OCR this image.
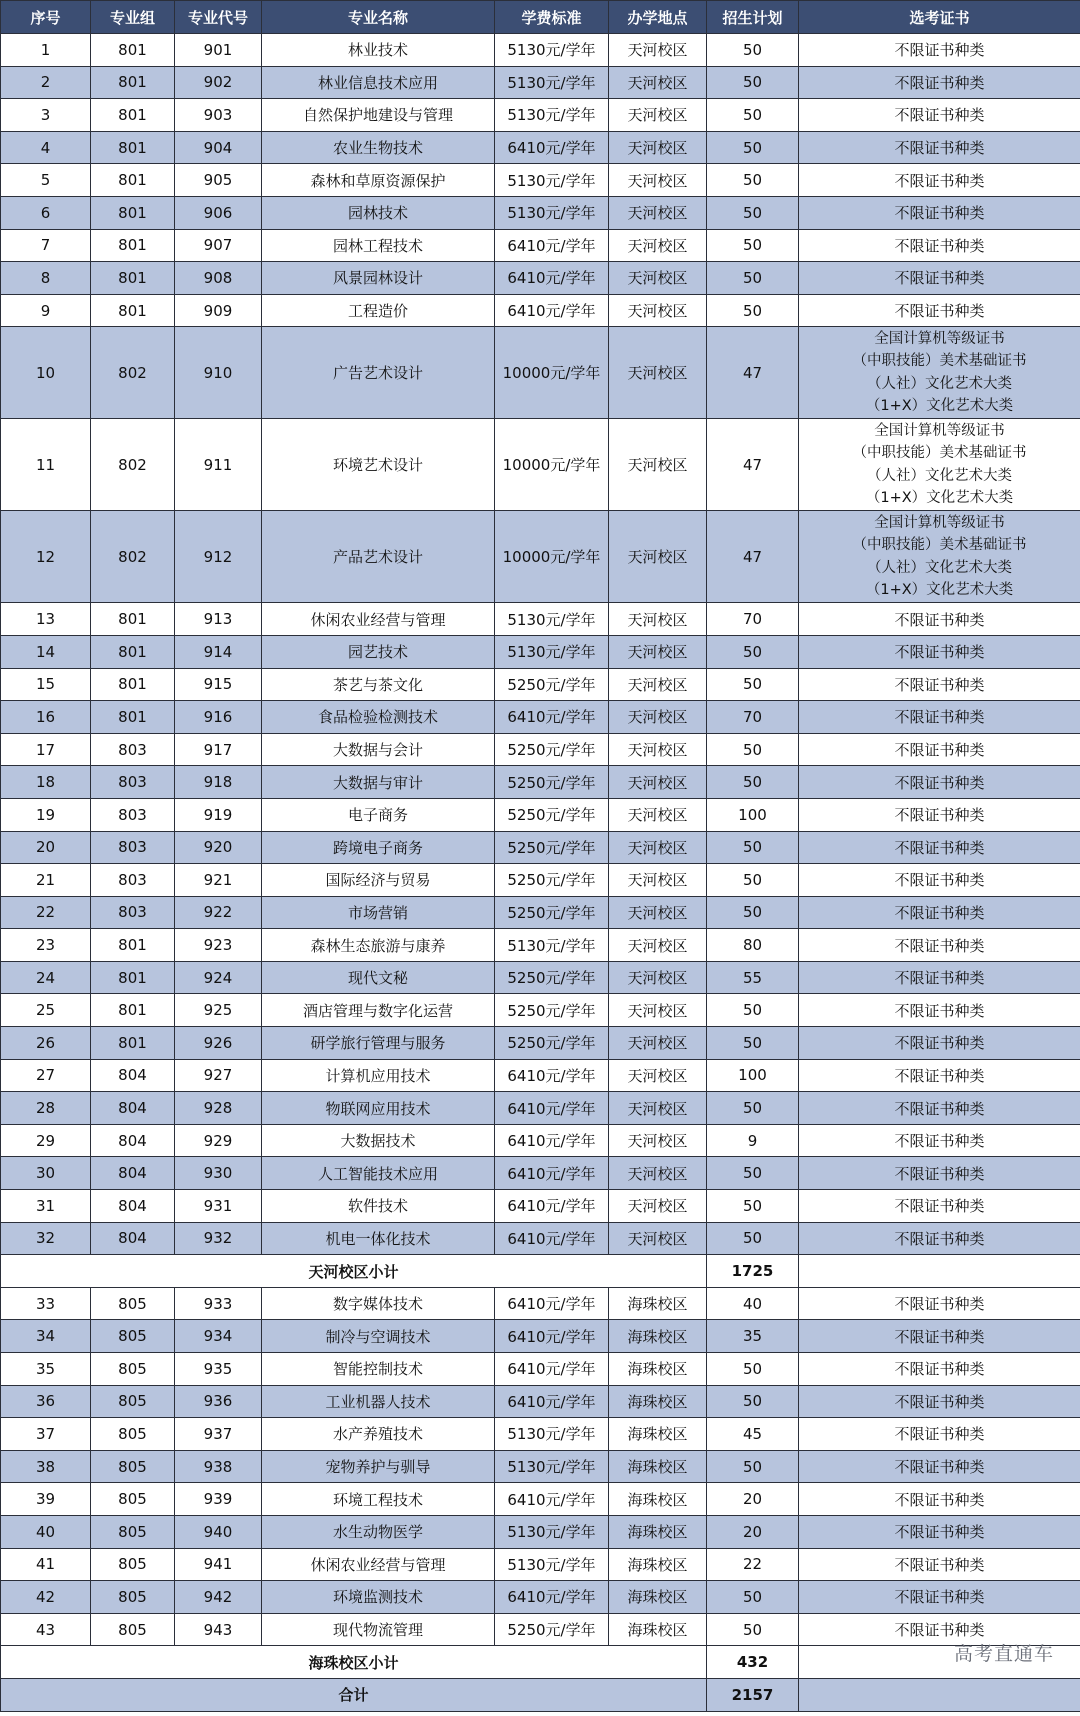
序号	专业组	专业代号	专业名称	学费标准	办学地点	招生计划	选考证书
1	801	901	林业技术	5130元/学年	天河校区	50	不限证书种类
2	801	902	林业信息技术应用	5130元/学年	天河校区	50	不限证书种类
3	801	903	自然保护地建设与管理	5130元/学年	天河校区	50	不限证书种类
4	801	904	农业生物技术	6410元/学年	天河校区	50	不限证书种类
5	801	905	森林和草原资源保护	5130元/学年	天河校区	50	不限证书种类
6	801	906	园林技术	5130元/学年	天河校区	50	不限证书种类
7	801	907	园林工程技术	6410元/学年	天河校区	50	不限证书种类
8	801	908	风景园林设计	6410元/学年	天河校区	50	不限证书种类
9	801	909	工程造价	6410元/学年	天河校区	50	不限证书种类
10	802	910	广告艺术设计	10000元/学年	天河校区	47	全国计算机等级证书
（中职技能）美术基础证书
（人社）文化艺术大类
（1+X）文化艺术大类

11	802	911	环境艺术设计	10000元/学年	天河校区	47	全国计算机等级证书
（中职技能）美术基础证书
（人社）文化艺术大类
（1+X）文化艺术大类

12	802	912	产品艺术设计	10000元/学年	天河校区	47	全国计算机等级证书
（中职技能）美术基础证书
（人社）文化艺术大类
（1+X）文化艺术大类

13	801	913	休闲农业经营与管理	5130元/学年	天河校区	70	不限证书种类
14	801	914	园艺技术	5130元/学年	天河校区	50	不限证书种类
15	801	915	茶艺与茶文化	5250元/学年	天河校区	50	不限证书种类
16	801	916	食品检验检测技术	6410元/学年	天河校区	70	不限证书种类
17	803	917	大数据与会计	5250元/学年	天河校区	50	不限证书种类
18	803	918	大数据与审计	5250元/学年	天河校区	50	不限证书种类
19	803	919	电子商务	5250元/学年	天河校区	100	不限证书种类
20	803	920	跨境电子商务	5250元/学年	天河校区	50	不限证书种类
21	803	921	国际经济与贸易	5250元/学年	天河校区	50	不限证书种类
22	803	922	市场营销	5250元/学年	天河校区	50	不限证书种类
23	801	923	森林生态旅游与康养	5130元/学年	天河校区	80	不限证书种类
24	801	924	现代文秘	5250元/学年	天河校区	55	不限证书种类
25	801	925	酒店管理与数字化运营	5250元/学年	天河校区	50	不限证书种类
26	801	926	研学旅行管理与服务	5250元/学年	天河校区	50	不限证书种类
27	804	927	计算机应用技术	6410元/学年	天河校区	100	不限证书种类
28	804	928	物联网应用技术	6410元/学年	天河校区	50	不限证书种类
29	804	929	大数据技术	6410元/学年	天河校区	9	不限证书种类
30	804	930	人工智能技术应用	6410元/学年	天河校区	50	不限证书种类
31	804	931	软件技术	6410元/学年	天河校区	50	不限证书种类
32	804	932	机电一体化技术	6410元/学年	天河校区	50	不限证书种类
天河校区小计						1725	
33	805	933	数字媒体技术	6410元/学年	海珠校区	40	不限证书种类
34	805	934	制冷与空调技术	6410元/学年	海珠校区	35	不限证书种类
35	805	935	智能控制技术	6410元/学年	海珠校区	50	不限证书种类
36	805	936	工业机器人技术	6410元/学年	海珠校区	50	不限证书种类
37	805	937	水产养殖技术	5130元/学年	海珠校区	45	不限证书种类
38	805	938	宠物养护与驯导	5130元/学年	海珠校区	50	不限证书种类
39	805	939	环境工程技术	6410元/学年	海珠校区	20	不限证书种类
40	805	940	水生动物医学	5130元/学年	海珠校区	20	不限证书种类
41	805	941	休闲农业经营与管理	5130元/学年	海珠校区	22	不限证书种类
42	805	942	环境监测技术	6410元/学年	海珠校区	50	不限证书种类
43	805	943	现代物流管理	5250元/学年	海珠校区	50	不限证书种类
海珠校区小计						432	
合计						2157	
高考直通车
